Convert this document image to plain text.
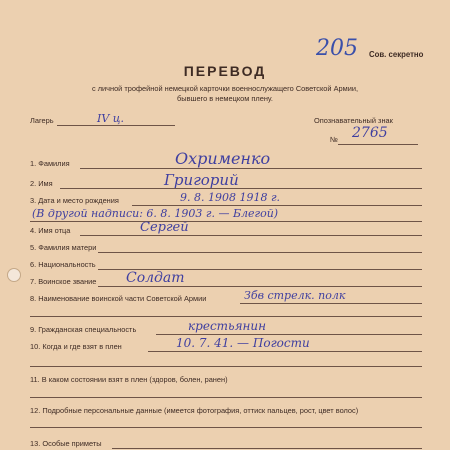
205 Сов. секретно
ПЕРЕВОД
с личной трофейной немецкой карточки военнослужащего Советской Армии,
бывшего в немецком плену.
Лагерь	IV ц.	Опознавательный знак
№ 2765
1. Фамилия	Охрименко
2. Имя	Григорий
3. Дата и место рождения	9. 8. 1908 1918 г.
(В другой надписи: 6. 8. 1903 г. — Блегой)
4. Имя отца	Сергей
5. Фамилия матери
6. Национальность
7. Воинское звание Солдат
8. Наименование воинской части Советской Армии	Збв стрелк. полк
9. Гражданская специальность	крестьянин
10. Когда и где взят в плен	10. 7. 41. — Погости
11. В каком состоянии взят в плен (здоров, болен, ранен)
12. Подробные персональные данные (имеется фотография, оттиск пальцев, рост, цвет волос)
13. Особые приметы
